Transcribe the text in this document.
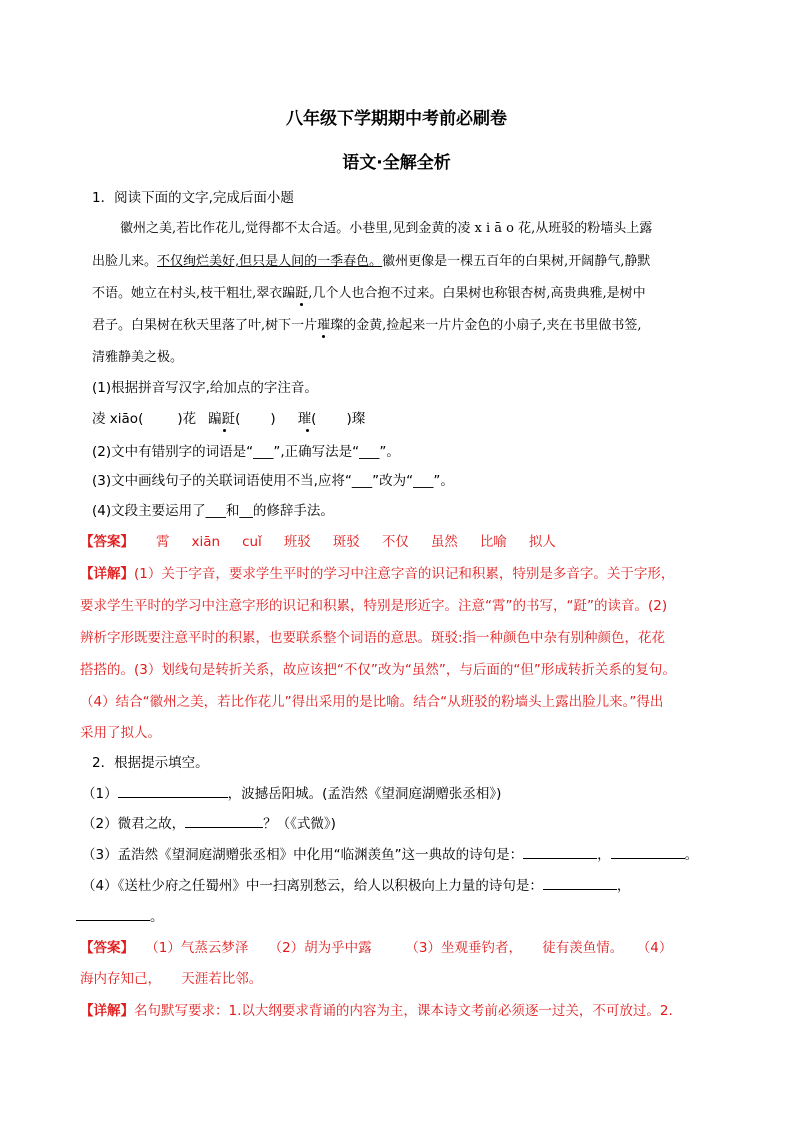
八年级下学期期中考前必刷卷
语文·全解全析
1．阅读下面的文字,完成后面小题
徽州之美,若比作花儿,觉得都不太合适。小巷里,见到金黄的凌 x i ā o 花,从班驳的粉墙头上露
出脸儿来。不仅绚烂美好,但只是人间的一季春色。徽州更像是一棵五百年的白果树,开阔静气,静默
不语。她立在村头,枝干粗壮,翠衣蹁跹,几个人也合抱不过来。白果树也称银杏树,高贵典雅,是树中
君子。白果树在秋天里落了叶,树下一片璀璨的金黄,捡起来一片片金色的小扇子,夹在书里做书签,
清雅静美之极。
(1)根据拼音写汉字,给加点的字注音。
凌 xiāo(	)花 蹁跹( ) 璀( )璨
(2)文中有错别字的词语是“___”,正确写法是“___”。
(3)文中画线句子的关联词语使用不当,应将“___”改为“___”。
(4)文段主要运用了___和__的修辞手法。
【答案】 霄 xiān cuǐ 班驳 斑驳 不仅 虽然 比喻 拟人
【详解】(1）关于字音，要求学生平时的学习中注意字音的识记和积累，特别是多音字。关于字形，
要求学生平时的学习中注意字形的识记和积累，特别是形近字。注意“霄”的书写，“跹”的读音。(2)
辨析字形既要注意平时的积累，也要联系整个词语的意思。斑驳:指一种颜色中杂有别种颜色，花花
搭搭的。(3）划线句是转折关系，故应该把“不仅”改为“虽然”，与后面的“但”形成转折关系的复句。
（4）结合“徽州之美，若比作花儿”得出采用的是比喻。结合“从班驳的粉墙头上露出脸儿来。”得出
采用了拟人。
2．根据提示填空。
（1）	，波撼岳阳城。(孟浩然《望洞庭湖赠张丞相》)
（2）微君之故，	？（《式微》)
（3）孟浩然《望洞庭湖赠张丞相》中化用“临渊羡鱼”这一典故的诗句是：	，	。
（4）《送杜少府之任蜀州》中一扫离别愁云，给人以积极向上力量的诗句是：	，
。
【答案】 （1）气蒸云梦泽　　（2）胡为乎中露　　　（3）坐观垂钓者，　　徒有羡鱼情。　　（4）
海内存知己，　　天涯若比邻。
【详解】名句默写要求：1.以大纲要求背诵的内容为主，课本诗文考前必须逐一过关，不可放过。2.
